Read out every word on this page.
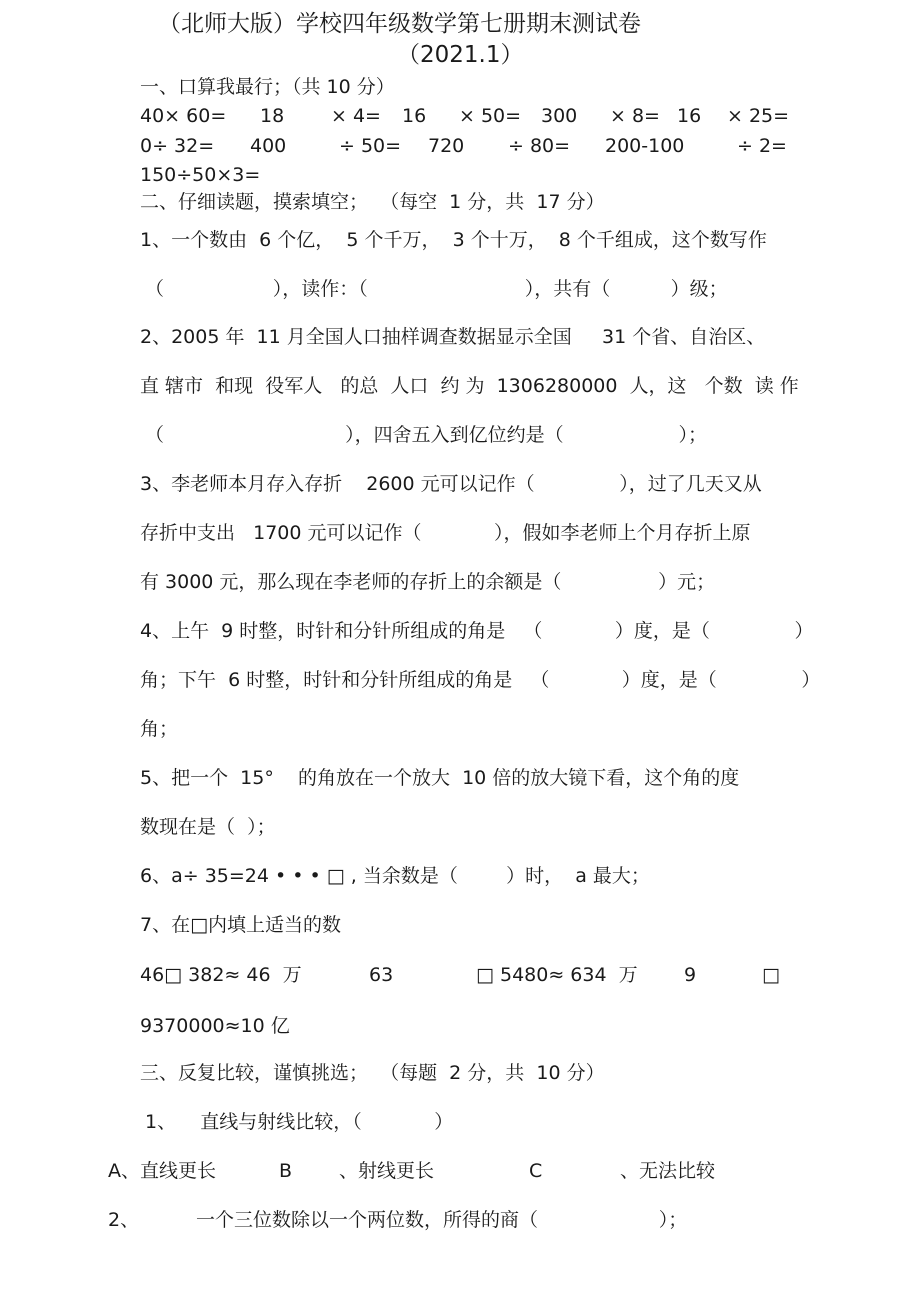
（北师大版）学校四年级数学第七册期末测试卷
（2021.1）
一、口算我最行；（共 10 分）
40× 60= 18 × 4= 16 × 50= 300 × 8= 16 × 25=
0÷ 32= 400	÷ 50= 720 ÷ 80= 200-100	÷ 2=
150÷50×3=
二、仔细读题，摸索填空；  （每空  1 分，共  17 分）
1、一个数由  6 个亿，  5 个千万，  3 个十万，  8 个千组成，这个数写作
（                  ），读作：（                          ），共有（          ）级；
2、2005 年  11 月全国人口抽样调查数据显示全国     31 个省、自治区、
直 辖市  和现  役军人   的总  人口  约 为  1306280000  人，这   个数  读 作
（                              ），四舍五入到亿位约是（                   ）；
3、李老师本月存入存折    2600 元可以记作（              ），过了几天又从
存折中支出   1700 元可以记作（            ），假如李老师上个月存折上原
有 3000 元，那么现在李老师的存折上的余额是（                ）元；
4、上午  9 时整，时针和分针所组成的角是   （            ）度，是（              ）
角；下午  6 时整，时针和分针所组成的角是   （            ）度，是（              ）
角；
5、把一个  15°    的角放在一个放大  10 倍的放大镜下看，这个角的度
数现在是（  ）；
6、a÷ 35=24 • • • □ , 当余数是（        ）时，  a 最大；
7、在□内填上适当的数
46□ 382≈ 46  万	63	□ 5480≈ 634  万 9	□
9370000≈10 亿
三、反复比较，谨慎挑选；  （每题  2 分，共  10 分）
1、    直线与射线比较，（            ）
A、直线更长	B 、射线更长	C	、无法比较
2、	一个三位数除以一个两位数，所得的商（                    ）；
